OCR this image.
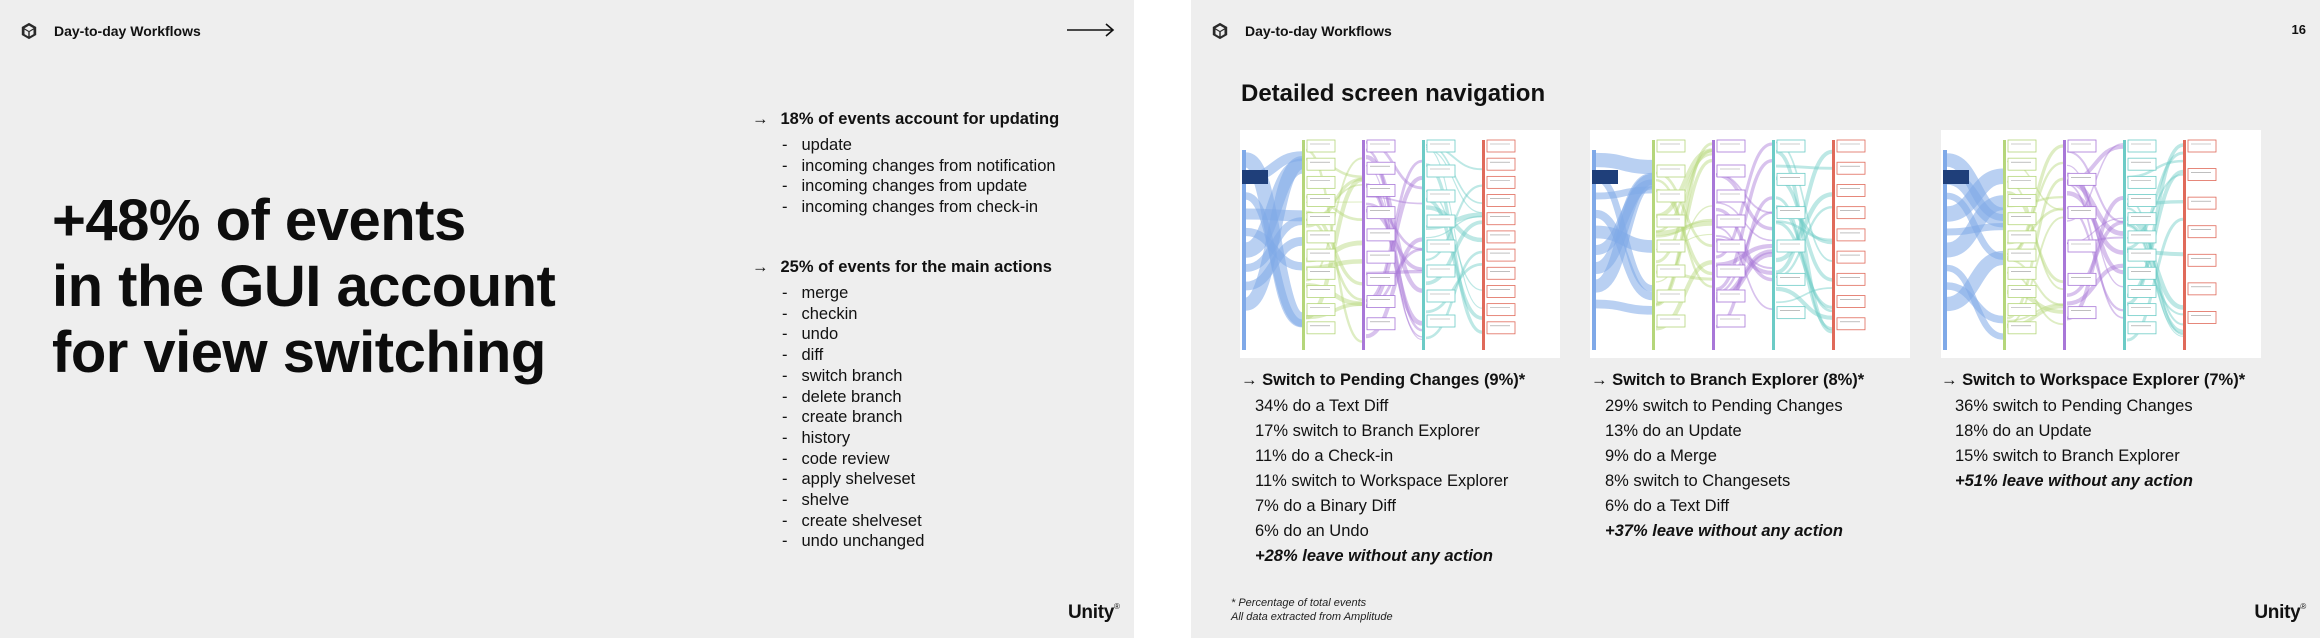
Day-to-day Workflows
+48% of events
in the GUI account
for view switching
→ 18% of events account for updating
- update
- incoming changes from notification
- incoming changes from update
- incoming changes from check-in
→ 25% of events for the main actions
- merge
- checkin
- undo
- diff
- switch branch
- delete branch
- create branch
- history
- code review
- apply shelveset
- shelve
- create shelveset
- undo unchanged
Unity®
Day-to-day Workflows	16
Detailed screen navigation
→ Switch to Pending Changes (9%)*
34% do a Text Diff
17% switch to Branch Explorer
11% do a Check-in
11% switch to Workspace Explorer
7% do a Binary Diff
6% do an Undo
+28% leave without any action
→ Switch to Branch Explorer (8%)*
29% switch to Pending Changes
13% do an Update
9% do a Merge
8% switch to Changesets
6% do a Text Diff
+37% leave without any action
→ Switch to Workspace Explorer (7%)*
36% switch to Pending Changes
18% do an Update
15% switch to Branch Explorer
+51% leave without any action
* Percentage of total events
All data extracted from Amplitude	Unity®
